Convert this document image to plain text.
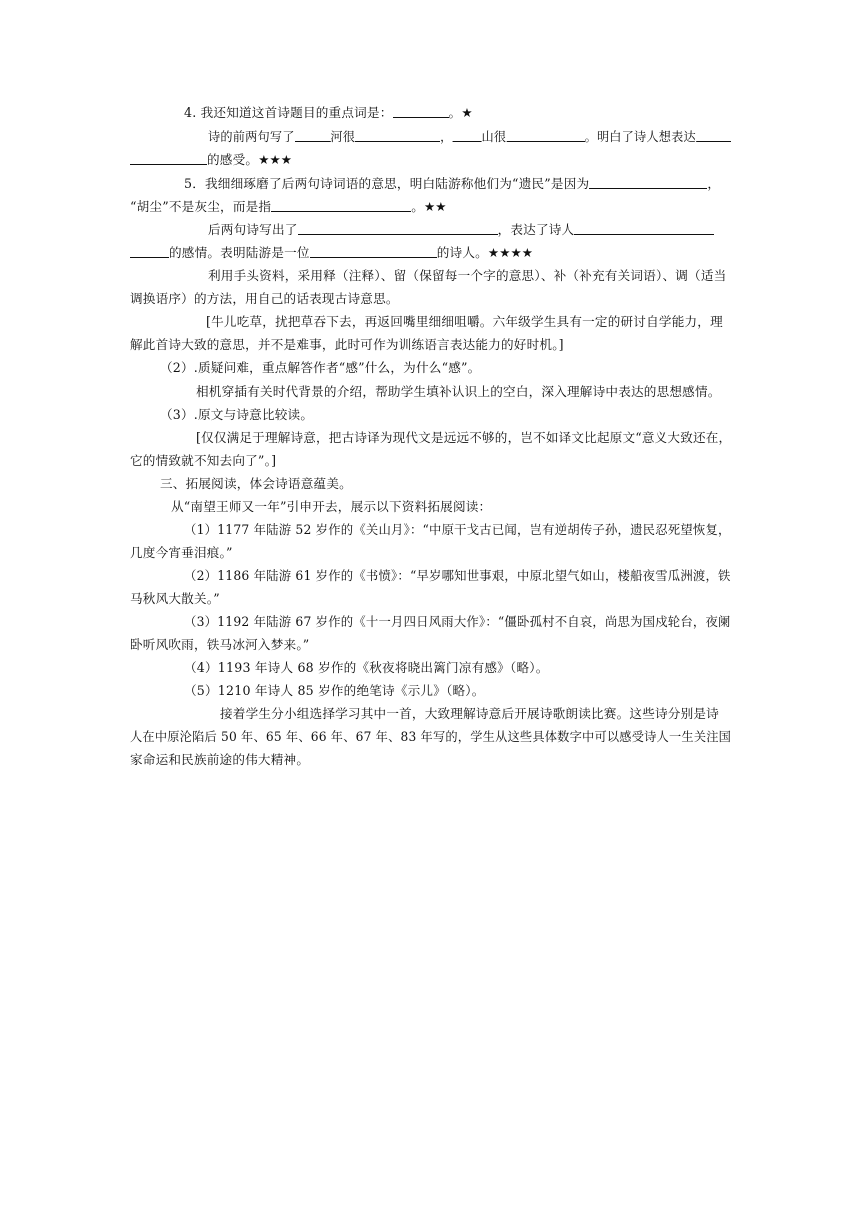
4. 我还知道这首诗题目的重点词是：	。★
诗的前两句写了	河很	， 山很	。明白了诗人想表达
的感受。★★★
5．我细细琢磨了后两句诗词语的意思，明白陆游称他们为“遗民”是因为	，
“胡尘”不是灰尘，而是指	。★★
后两句诗写出了	，表达了诗人
的感情。表明陆游是一位	的诗人。★★★★
利用手头资料，采用释（注释）、留（保留每一个字的意思）、补（补充有关词语）、调（适当
调换语序）的方法，用自己的话表现古诗意思。
[牛儿吃草，扰把草吞下去，再返回嘴里细细咀嚼。六年级学生具有一定的研讨自学能力，理
解此首诗大致的意思，并不是难事，此时可作为训练语言表达能力的好时机。]
（2）.质疑问难，重点解答作者“感”什么，为什么“感”。
相机穿插有关时代背景的介绍，帮助学生填补认识上的空白，深入理解诗中表达的思想感情。
（3）.原文与诗意比较读。
[仅仅满足于理解诗意，把古诗译为现代文是远远不够的，岂不如译文比起原文“意义大致还在，
它的情致就不知去向了”。]
三、拓展阅读，体会诗语意蕴美。
从“南望王师又一年”引申开去，展示以下资料拓展阅读：
（1）1177 年陆游 52 岁作的《关山月》：“中原干戈古已闻，岂有逆胡传子孙，遗民忍死望恢复，
几度今宵垂泪痕。”
（2）1186 年陆游 61 岁作的《书愤》：“早岁哪知世事艰，中原北望气如山，楼船夜雪瓜洲渡，铁
马秋风大散关。”
（3）1192 年陆游 67 岁作的《十一月四日风雨大作》：“僵卧孤村不自哀，尚思为国戍轮台，夜阑
卧听风吹雨，铁马冰河入梦来。”
（4）1193 年诗人 68 岁作的《秋夜将晓出篱门凉有感》（略）。
（5）1210 年诗人 85 岁作的绝笔诗《示儿》（略）。
接着学生分小组选择学习其中一首，大致理解诗意后开展诗歌朗读比赛。这些诗分别是诗
人在中原沦陷后 50 年、65 年、66 年、67 年、83 年写的，学生从这些具体数字中可以感受诗人一生关注国
家命运和民族前途的伟大精神。
